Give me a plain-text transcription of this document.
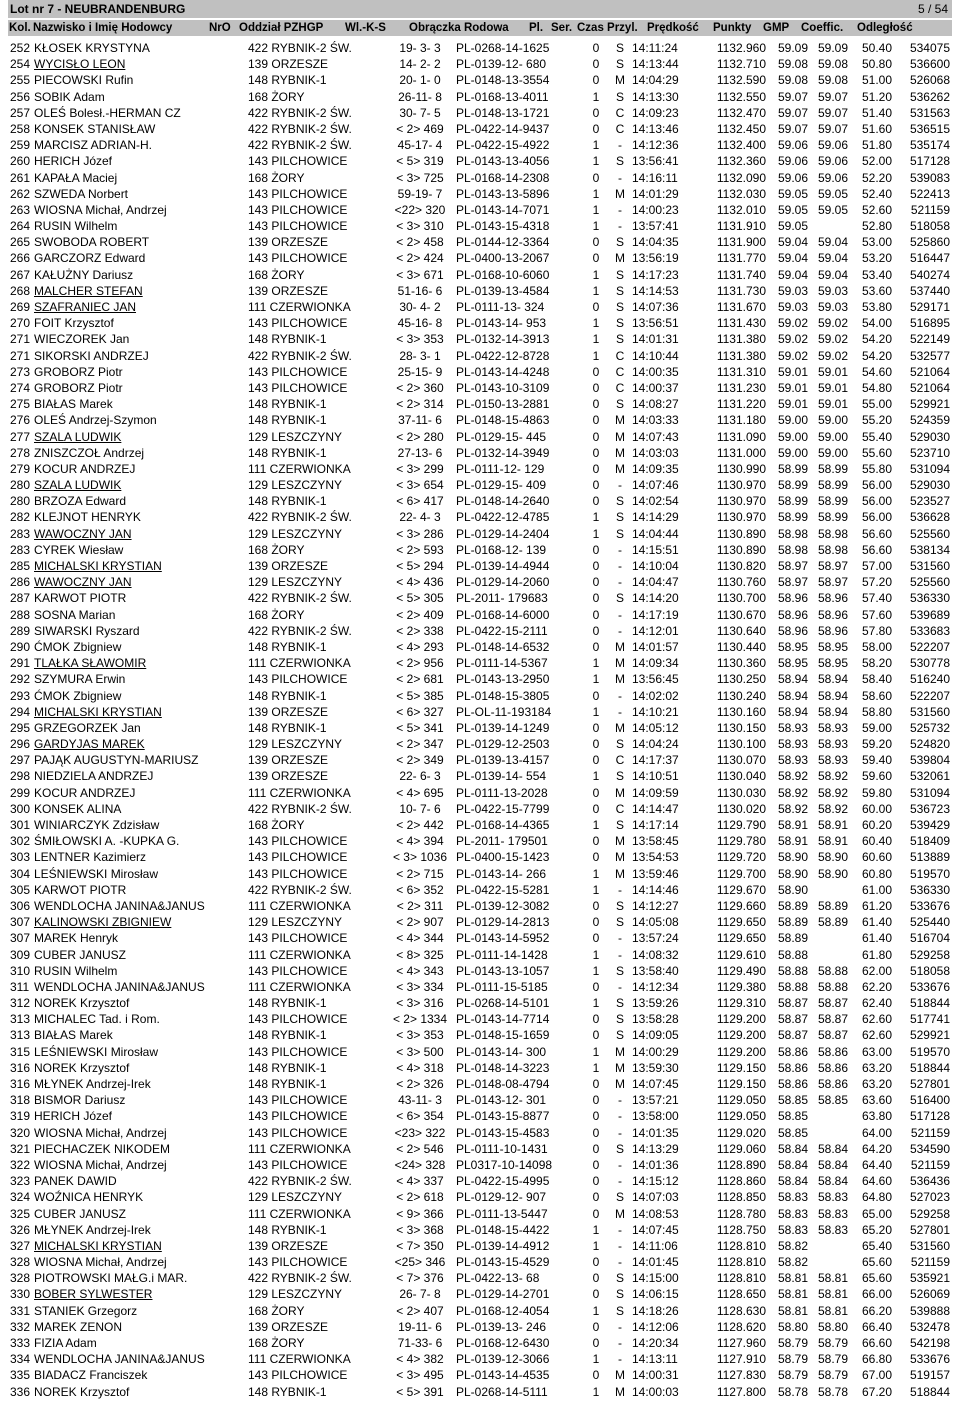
Lot nr 7 - NEUBRANDENBURG	5 / 54
Kol.	Nazwisko i Imię Hodowcy	NrO	Oddział PZHGP	Wl.-K-S	Obrączka Rodowa	Pl.	Ser.	Czas Przyl.	Prędkość	Punkty	GMP	Coeffic.	Odległość
252 KŁOSEK KRYSTYNA	422 RYBNIK-2 ŚW.	19- 3- 3	PL-0268-14-1625	0	S 14:11:24	1132.960 59.09 59.09	50.40	534075
254 WYCISŁO LEON	139 ORZESZE	14- 2- 2	PL-0139-12- 680	0	S 14:13:44	1132.710 59.08 59.08	50.80	536600
255 PIECOWSKI Rufin	148 RYBNIK-1	20- 1- 0	PL-0148-13-3554	0	M 14:04:29	1132.590 59.08 59.08	51.00	526068
256 SOBIK Adam	168 ŻORY	26-11- 8	PL-0168-13-4011	1	S 14:13:30	1132.550 59.07 59.07	51.20	536262
257 OLEŚ Bolesł.-HERMAN CZ	422 RYBNIK-2 ŚW.	30- 7- 5	PL-0148-13-1721	0	C 14:09:23	1132.470 59.07 59.07	51.40	531563
258 KONSEK STANISŁAW	422 RYBNIK-2 ŚW.	< 2> 469	PL-0422-14-9437	0	C 14:13:46	1132.450 59.07 59.07	51.60	536515
259 MARCISZ ADRIAN-H.	422 RYBNIK-2 ŚW.	45-17- 4	PL-0422-15-4922	1	- 14:12:36	1132.400 59.06 59.06	51.80	535174
260 HERICH Józef	143 PILCHOWICE	< 5> 319	PL-0143-13-4056	1	S 13:56:41	1132.360 59.06 59.06	52.00	517128
261 KAPAŁA Maciej	168 ŻORY	< 3> 725	PL-0168-14-2308	0	- 14:16:11	1132.090 59.06 59.06	52.20	539083
262 SZWEDA Norbert	143 PILCHOWICE	59-19- 7	PL-0143-13-5896	1	M 14:01:29	1132.030 59.05 59.05	52.40	522413
263 WIOSNA Michał, Andrzej	143 PILCHOWICE	<22> 320 PL-0143-14-7071	1	- 14:00:23	1132.010 59.05 59.05	52.60	521159
264 RUSIN Wilhelm	143 PILCHOWICE	< 3> 310	PL-0143-15-4318	1	- 13:57:41	1131.910 59.05	52.80	518058
265 SWOBODA ROBERT	139 ORZESZE	< 2> 458	PL-0144-12-3364	0	S 14:04:35	1131.900 59.04 59.04	53.00	525860
266 GARCZORZ Edward	143 PILCHOWICE	< 2> 424	PL-0400-13-2067	0	M 13:56:19	1131.770 59.04 59.04	53.20	516447
267 KAŁUŻNY Dariusz	168 ŻORY	< 3> 671	PL-0168-10-6060	1	S 14:17:23	1131.740 59.04 59.04	53.40	540274
268 MALCHER STEFAN	139 ORZESZE	51-16- 6	PL-0139-13-4584	1	S 14:14:53	1131.730 59.03 59.03	53.60	537440
269 SZAFRANIEC JAN	111 CZERWIONKA	30- 4- 2	PL-0111-13- 324	0	S 14:07:36	1131.670 59.03 59.03	53.80	529171
270 FOIT Krzysztof	143 PILCHOWICE	45-16- 8	PL-0143-14- 953	1	S 13:56:51	1131.430 59.02 59.02	54.00	516895
271 WIECZOREK Jan	148 RYBNIK-1	< 3> 353	PL-0132-14-3913	1	S 14:01:31	1131.380 59.02 59.02	54.20	522149
271 SIKORSKI ANDRZEJ	422 RYBNIK-2 ŚW.	28- 3- 1	PL-0422-12-8728	1	C 14:10:44	1131.380 59.02 59.02	54.20	532577
273 GROBORZ Piotr	143 PILCHOWICE	25-15- 9	PL-0143-14-4248	0	C 14:00:35	1131.310 59.01 59.01	54.60	521064
274 GROBORZ Piotr	143 PILCHOWICE	< 2> 360	PL-0143-10-3109	0	C 14:00:37	1131.230 59.01 59.01	54.80	521064
275 BIAŁAS Marek	148 RYBNIK-1	< 2> 314	PL-0150-13-2881	0	S 14:08:27	1131.220 59.01 59.01	55.00	529921
276 OLEŚ Andrzej-Szymon	148 RYBNIK-1	37-11- 6	PL-0148-15-4863	0	M 14:03:33	1131.180 59.00 59.00	55.20	524359
277 SZALA LUDWIK	129 LESZCZYNY	< 2> 280	PL-0129-15- 445	0	M 14:07:43	1131.090 59.00 59.00	55.40	529030
278 ZNISZCZOŁ Andrzej	148 RYBNIK-1	27-13- 6	PL-0132-14-3949	0	M 14:03:03	1131.000 59.00 59.00	55.60	523710
279 KOCUR ANDRZEJ	111 CZERWIONKA	< 3> 299	PL-0111-12- 129	0	M 14:09:35	1130.990 58.99 58.99	55.80	531094
280 SZALA LUDWIK	129 LESZCZYNY	< 3> 654	PL-0129-15- 409	0	- 14:07:46	1130.970 58.99 58.99	56.00	529030
280 BRZOZA Edward	148 RYBNIK-1	< 6> 417	PL-0148-14-2640	0	S 14:02:54	1130.970 58.99 58.99	56.00	523527
282 KLEJNOT HENRYK	422 RYBNIK-2 ŚW.	22- 4- 3	PL-0422-12-4785	1	S 14:14:29	1130.970 58.99 58.99	56.00	536628
283 WAWOCZNY JAN	129 LESZCZYNY	< 3> 286	PL-0129-14-2404	1	S 14:04:44	1130.890 58.98 58.98	56.60	525560
283 CYREK Wiesław	168 ŻORY	< 2> 593	PL-0168-12- 139	0	- 14:15:51	1130.890 58.98 58.98	56.60	538134
285 MICHALSKI KRYSTIAN	139 ORZESZE	< 5> 294	PL-0139-14-4944	0	- 14:10:04	1130.820 58.97 58.97	57.00	531560
286 WAWOCZNY JAN	129 LESZCZYNY	< 4> 436	PL-0129-14-2060	0	- 14:04:47	1130.760 58.97 58.97	57.20	525560
287 KARWOT PIOTR	422 RYBNIK-2 ŚW.	< 5> 305	PL-2011- 179683	0	S 14:14:20	1130.700 58.96 58.96	57.40	536330
288 SOSNA Marian	168 ŻORY	< 2> 409	PL-0168-14-6000	0	- 14:17:19	1130.670 58.96 58.96	57.60	539689
289 SIWARSKI Ryszard	422 RYBNIK-2 ŚW.	< 2> 338	PL-0422-15-2111	0	- 14:12:01	1130.640 58.96 58.96	57.80	533683
290 ĆMOK Zbigniew	148 RYBNIK-1	< 4> 293	PL-0148-14-6532	0	M 14:01:57	1130.440 58.95 58.95	58.00	522207
291 TLAŁKA SŁAWOMIR	111 CZERWIONKA	< 2> 956	PL-0111-14-5367	1	M 14:09:34	1130.360 58.95 58.95	58.20	530778
292 SZYMURA Erwin	143 PILCHOWICE	< 2> 681	PL-0143-13-2950	1	M 13:56:45	1130.250 58.94 58.94	58.40	516240
293 ĆMOK Zbigniew	148 RYBNIK-1	< 5> 385	PL-0148-15-3805	0	- 14:02:02	1130.240 58.94 58.94	58.60	522207
294 MICHALSKI KRYSTIAN	139 ORZESZE	< 6> 327	PL-OL-11-193184	1	- 14:10:21	1130.160 58.94 58.94	58.80	531560
295 GRZEGORZEK Jan	148 RYBNIK-1	< 5> 341	PL-0139-14-1249	0	M 14:05:12	1130.150 58.93 58.93	59.00	525732
296 GARDYJAS MAREK	129 LESZCZYNY	< 2> 347	PL-0129-12-2503	0	S 14:04:24	1130.100 58.93 58.93	59.20	524820
297 PAJĄK AUGUSTYN-MARIUSZ	139 ORZESZE	< 2> 349	PL-0139-13-4157	0	C 14:17:37	1130.070 58.93 58.93	59.40	539804
298 NIEDZIELA ANDRZEJ	139 ORZESZE	22- 6- 3	PL-0139-14- 554	1	S 14:10:51	1130.040 58.92 58.92	59.60	532061
299 KOCUR ANDRZEJ	111 CZERWIONKA	< 4> 695	PL-0111-13-2028	0	M 14:09:59	1130.030 58.92 58.92	59.80	531094
300 KONSEK ALINA	422 RYBNIK-2 ŚW.	10- 7- 6	PL-0422-15-7799	0	C 14:14:47	1130.020 58.92 58.92	60.00	536723
301 WINIARCZYK Zdzisław	168 ŻORY	< 2> 442	PL-0168-14-4365	1	S 14:17:14	1129.790 58.91 58.91	60.20	539429
302 ŚMIŁOWSKI A. -KUPKA G.	143 PILCHOWICE	< 4> 394	PL-2011- 179501	0	M 13:58:45	1129.780 58.91 58.91	60.40	518409
303 LENTNER Kazimierz	143 PILCHOWICE	< 3> 1036 PL-0400-15-1423	0	M 13:54:53	1129.720 58.90 58.90	60.60	513889
304 LEŚNIEWSKI Mirosław	143 PILCHOWICE	< 2> 715	PL-0143-14- 266	1	M 13:59:46	1129.700 58.90 58.90	60.80	519570
305 KARWOT PIOTR	422 RYBNIK-2 ŚW.	< 6> 352	PL-0422-15-5281	1	- 14:14:46	1129.670 58.90	61.00	536330
306 WENDLOCHA JANINA&JANUS	111 CZERWIONKA	< 2> 311	PL-0139-12-3082	0	S 14:12:27	1129.660 58.89 58.89	61.20	533676
307 KALINOWSKI ZBIGNIEW	129 LESZCZYNY	< 2> 907	PL-0129-14-2813	0	S 14:05:08	1129.650 58.89 58.89	61.40	525440
307 MAREK Henryk	143 PILCHOWICE	< 4> 344	PL-0143-14-5952	0	- 13:57:24	1129.650 58.89	61.40	516704
309 CUBER JANUSZ	111 CZERWIONKA	< 8> 325	PL-0111-14-1428	1	- 14:08:32	1129.610 58.88	61.80	529258
310 RUSIN Wilhelm	143 PILCHOWICE	< 4> 343	PL-0143-13-1057	1	S 13:58:40	1129.490 58.88 58.88	62.00	518058
311 WENDLOCHA JANINA&JANUS	111 CZERWIONKA	< 3> 334	PL-0111-15-5185	0	- 14:12:34	1129.380 58.88 58.88	62.20	533676
312 NOREK Krzysztof	148 RYBNIK-1	< 3> 316	PL-0268-14-5101	1	S 13:59:26	1129.310 58.87 58.87	62.40	518844
313 MICHALEC Tad. i Rom.	143 PILCHOWICE	< 2> 1334 PL-0143-14-7714	0	S 13:58:28	1129.200 58.87 58.87	62.60	517741
313 BIAŁAS Marek	148 RYBNIK-1	< 3> 353	PL-0148-15-1659	0	S 14:09:05	1129.200 58.87 58.87	62.60	529921
315 LEŚNIEWSKI Mirosław	143 PILCHOWICE	< 3> 500	PL-0143-14- 300	1	M 14:00:29	1129.200 58.86 58.86	63.00	519570
316 NOREK Krzysztof	148 RYBNIK-1	< 4> 318	PL-0148-14-3223	1	M 13:59:30	1129.150 58.86 58.86	63.20	518844
316 MŁYNEK Andrzej-Irek	148 RYBNIK-1	< 2> 326	PL-0148-08-4794	0	M 14:07:45	1129.150 58.86 58.86	63.20	527801
318 BISMOR Dariusz	143 PILCHOWICE	43-11- 3	PL-0143-12- 301	0	- 13:57:21	1129.050 58.85 58.85	63.60	516400
319 HERICH Józef	143 PILCHOWICE	< 6> 354	PL-0143-15-8877	0	- 13:58:00	1129.050 58.85	63.80	517128
320 WIOSNA Michał, Andrzej	143 PILCHOWICE	<23> 322 PL-0143-15-4583	0	- 14:01:35	1129.020 58.85	64.00	521159
321 PIECHACZEK NIKODEM	111 CZERWIONKA	< 2> 546	PL-0111-10-1431	0	S 14:13:29	1129.060 58.84 58.84	64.20	534590
322 WIOSNA Michał, Andrzej	143 PILCHOWICE	<24> 328 PL0317-10-14098	0	- 14:01:36	1128.890 58.84 58.84	64.40	521159
323 PANEK DAWID	422 RYBNIK-2 ŚW.	< 4> 337	PL-0422-15-4995	0	- 14:15:12	1128.860 58.84 58.84	64.60	536436
324 WOŹNICA HENRYK	129 LESZCZYNY	< 2> 618	PL-0129-12- 907	0	S 14:07:03	1128.850 58.83 58.83	64.80	527023
325 CUBER JANUSZ	111 CZERWIONKA	< 9> 366	PL-0111-13-5447	0	M 14:08:53	1128.780 58.83 58.83	65.00	529258
326 MŁYNEK Andrzej-Irek	148 RYBNIK-1	< 3> 368	PL-0148-15-4422	1	- 14:07:45	1128.750 58.83 58.83	65.20	527801
327 MICHALSKI KRYSTIAN	139 ORZESZE	< 7> 350	PL-0139-14-4912	1	- 14:11:06	1128.810 58.82	65.40	531560
328 WIOSNA Michał, Andrzej	143 PILCHOWICE	<25> 346 PL-0143-15-4529	0	- 14:01:45	1128.810 58.82	65.60	521159
328 PIOTROWSKI MAŁG.i MAR.	422 RYBNIK-2 ŚW.	< 7> 376	PL-0422-13- 68	0	S 14:15:00	1128.810 58.81 58.81	65.60	535921
330 BOBER SYLWESTER	129 LESZCZYNY	26- 7- 8	PL-0129-14-2701	0	S 14:06:15	1128.650 58.81 58.81	66.00	526069
331 STANIEK Grzegorz	168 ŻORY	< 2> 407	PL-0168-12-4054	1	S 14:18:26	1128.630 58.81 58.81	66.20	539888
332 MAREK ZENON	139 ORZESZE	19-11- 6	PL-0139-13- 246	0	- 14:12:06	1128.620 58.80 58.80	66.40	532478
333 FIZIA Adam	168 ŻORY	71-33- 6	PL-0168-12-6430	0	- 14:20:34	1127.960 58.79 58.79	66.60	542198
334 WENDLOCHA JANINA&JANUS	111 CZERWIONKA	< 4> 382	PL-0139-12-3066	1	- 14:13:11	1127.910 58.79 58.79	66.80	533676
335 BIADACZ Franciszek	143 PILCHOWICE	< 3> 495	PL-0143-14-4535	0	M 14:00:31	1127.830 58.79 58.79	67.00	519157
336 NOREK Krzysztof	148 RYBNIK-1	< 5> 391	PL-0268-14-5111	1	M 14:00:03	1127.800 58.78 58.78	67.20	518844
